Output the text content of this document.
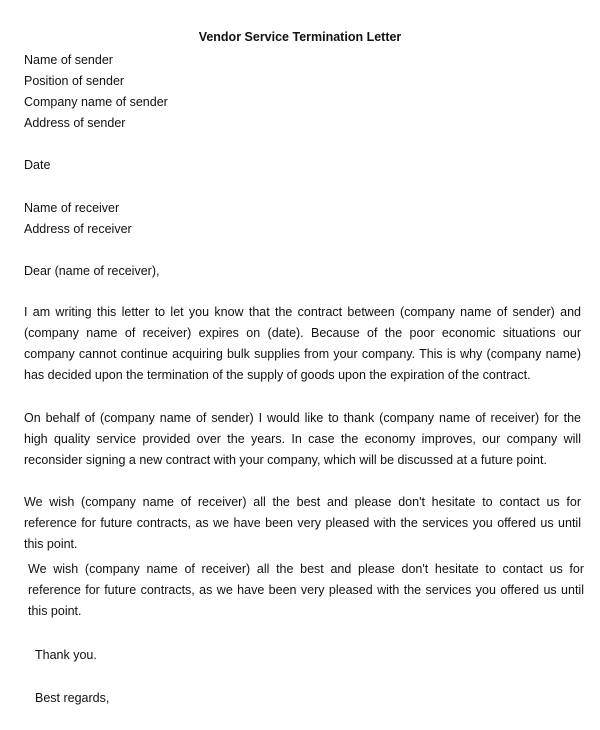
Vendor Service Termination Letter

Name of sender

Position of sender

Company name of sender

Address of sender

Date

Name of receiver

Address of receiver

Dear (name of receiver),

I am writing this letter to let you know that the contract between (company name of sender) and (company name of receiver) expires on (date). Because of the poor economic situations our company cannot continue acquiring bulk supplies from your company. This is why (company name) has decided upon the termination of the supply of goods upon the expiration of the contract.

On behalf of (company name of sender) I would like to thank (company name of receiver) for the high quality service provided over the years. In case the economy improves, our company will reconsider signing a new contract with your company, which will be discussed at a future point.

We wish (company name of receiver) all the best and please don't hesitate to contact us for reference for future contracts, as we have been very pleased with the services you offered us until this point.

We wish (company name of receiver) all the best and please don't hesitate to contact us for reference for future contracts, as we have been very pleased with the services you offered us until this point.

Thank you.

Best regards,
